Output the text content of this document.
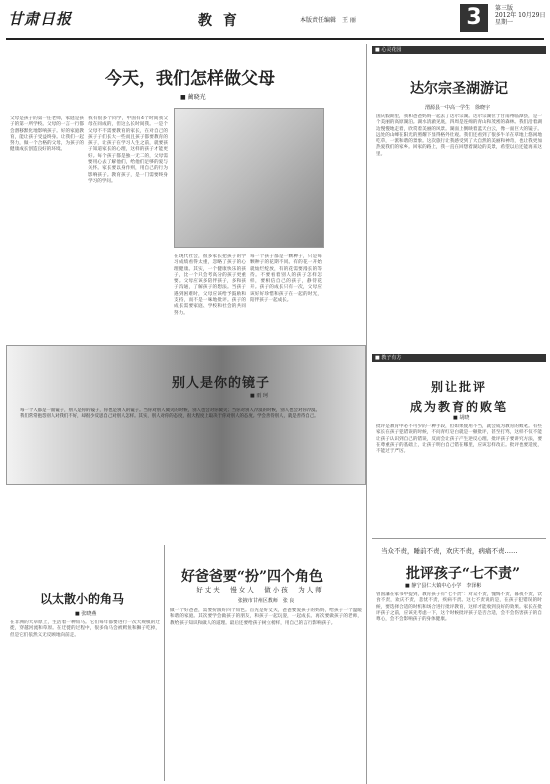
甘肃日报	教 育	本版责任编辑　王 丽	3	第三版
2012年 10月29日
星期一
今天，我们怎样做父母
■ 蔺晓光
我有很多个同学，中国有4个时间我父母在同成的，但这么长时间我。一是个父母不不需要教育的家长，在对自己的孩子子们长大一些而且孩子都要教育的孩子，让孩子在学习人生之前，就要孩子知道家长的心理，这样的孩子才能更好。每个孩子都是独一无二的，父母需要用心去了解他们，给他们足够的爱与关怀。家长要以身作则，用自己的行为影响孩子。教育孩子，是一门需要终身学习的学问。
父母是孩子的第一任老师，家庭是孩子的第一所学校。父母的一言一行都会潜移默化地影响孩子。好的家庭教育，能让孩子受益终身。让我们一起努力，做一个合格的父母，为孩子的健康成长创造良好的环境。
在现代社会，很多家长把孩子的学习成绩看得太重，忽略了孩子的心理健康。其实，一个健康快乐的孩子，比一个只会考高分的孩子更重要。父母应该多陪伴孩子，多和孩子沟通，了解孩子的想法。当孩子遇到困难时，父母应该给予鼓励和支持，而不是一味地批评。孩子的成长需要家庭、学校和社会的共同努力。
每一个孩子都是一颗种子，只是每颗种子的花期不同。有的花一开始就灿烂绽放，有的花需要漫长的等待。不要看着别人的孩子怎样怎样，要相信自己的孩子，静待花开。孩子的成长只有一次，父母应该好好珍惜和孩子在一起的时光，陪伴孩子一起成长。
■ 心灵花园
达尔宗圣湖游记
渭源县一中高一学生　徐晓宇
国庆假期里，我和爸爸妈妈一起去了达尔宗湖。达尔宗湖位于甘南州临潭县，是一个美丽的高原湖泊。湖水清澈见底，四周是连绵的青山和茂密的森林。我们沿着湖边慢慢地走着，欣赏着美丽的风景。湖面上倒映着蓝天白云，像一面巨大的镜子。远处的山峰在阳光的照耀下显得格外壮观。我们还看到了很多牛羊在草地上悠闲地吃草，一派和谐的景象。这次旅行让我感受到了大自然的美丽和神奇，也让我更加热爱我们的家乡。回家的路上，我一直在回想着湖边的美景，希望以后还能再来这里。
■ 教子有方
别让批评
成为教育的败笔
■ 胡晓
批评是教育中必不可少的一种手段，但如果使用不当，就会成为教育的败笔。有些家长在孩子犯错误的时候，不问青红皂白就是一顿批评，甚至打骂，这样不仅不能让孩子认识到自己的错误，反而会让孩子产生逆反心理。批评孩子要讲究方法，要在尊重孩子的基础上，让孩子明白自己错在哪里，应该怎样改正。批评也要适度，不能过于严厉。
别人是你的镜子
■ 雨 珂
每一个人都是一面镜子，别人是你的镜子，你也是别人的镜子。当你对别人微笑的时候，别人也会对你微笑；当你对别人冷漠的时候，别人也会对你冷漠。我们常常抱怨别人对我们不好，却很少反思自己对别人怎样。其实，别人对你的态度，很大程度上取决于你对别人的态度。学会善待别人，就是善待自己。
以太散小的角马
■ 张晓燕
在非洲的大草原上，生活着一种角马。它们每年都要进行一次大规模的迁徙，穿越河流和草原。在迁徙的过程中，很多角马会被鳄鱼和狮子吃掉，但是它们依然义无反顾地向前走。
好爸爸要“扮”四个角色
好丈夫　慢女人　做小孩　为人师
张掖市甘州区教师　张 良
做一个好爸爸，需要扮演好四个角色。首先是好丈夫，爸爸要爱孩子的妈妈，给孩子一个温暖和谐的家庭。其次要学会做孩子的朋友，和孩子一起玩耍，一起成长。再次要做孩子的老师，教给孩子知识和做人的道理。最后还要给孩子树立榜样，用自己的言行影响孩子。
当众不责，睡前不责，欢庆不责，病痛不责……
批评孩子“七不责”
■ 静宁县仁大镇中心小学　李泽彬
曾国藩在家书中提到，教育孩子有“七不责”：对众不责，愧悔不责，暮夜不责，饮食不责，欢庆不责，悲忧不责，疾病不责。这七不责说的是，在孩子犯错误的时候，要选择合适的时机和场合进行批评教育，这样才能收到良好的效果。家长在批评孩子之前，应该先考虑一下，这个时候批评孩子是否合适，会不会伤害孩子的自尊心，会不会影响孩子的身体健康。
